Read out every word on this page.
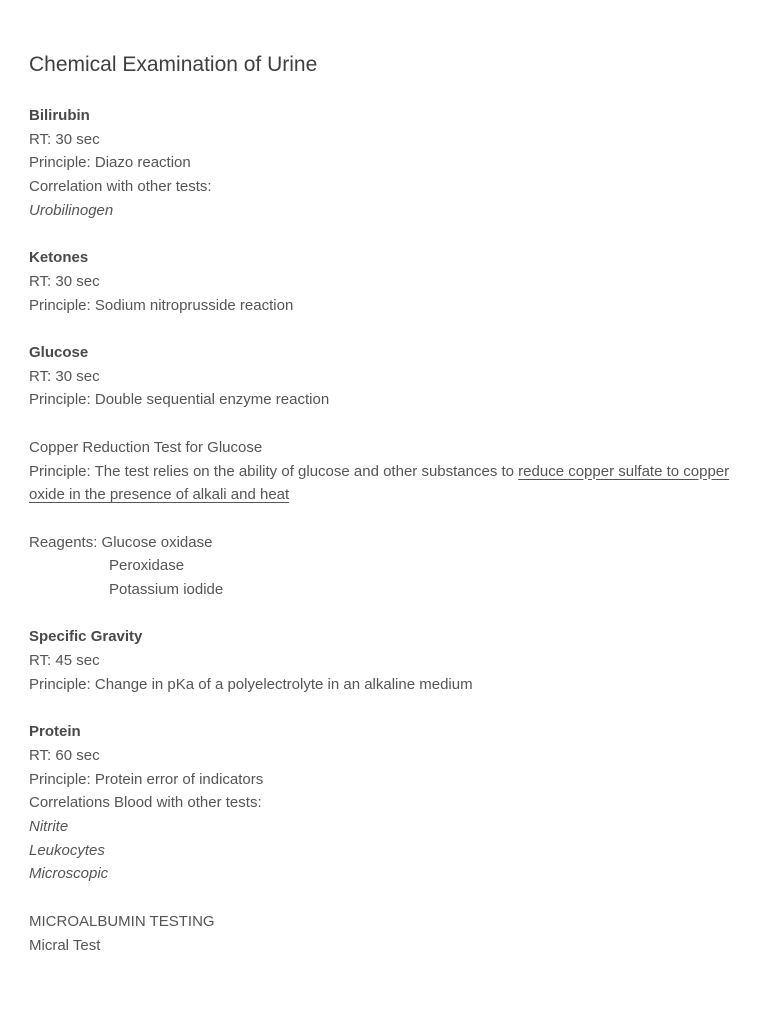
Chemical Examination of Urine
Bilirubin
RT: 30 sec
Principle: Diazo reaction
Correlation with other tests:
Urobilinogen
Ketones
RT: 30 sec
Principle: Sodium nitroprusside reaction
Glucose
RT: 30 sec
Principle: Double sequential enzyme reaction
Copper Reduction Test for Glucose
Principle: The test relies on the ability of glucose and other substances to reduce copper sulfate to copper oxide in the presence of alkali and heat
Reagents: Glucose oxidase
Peroxidase
Potassium iodide
Specific Gravity
RT: 45 sec
Principle: Change in pKa of a polyelectrolyte in an alkaline medium
Protein
RT: 60 sec
Principle: Protein error of indicators
Correlations Blood with other tests:
Nitrite
Leukocytes
Microscopic
MICROALBUMIN TESTING
Micral Test
